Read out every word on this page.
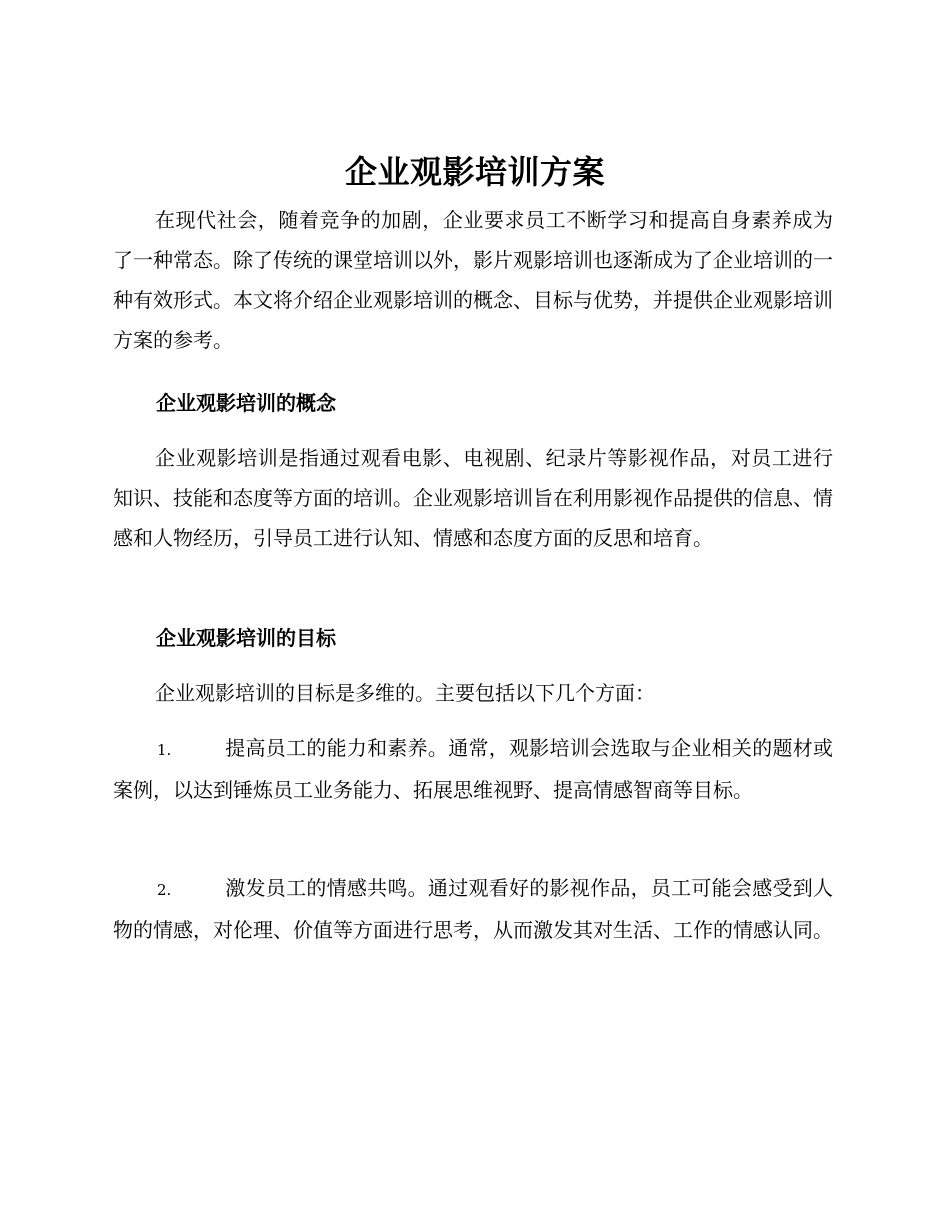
企业观影培训方案

在现代社会，随着竞争的加剧，企业要求员工不断学习和提高自身素养成为了一种常态。除了传统的课堂培训以外，影片观影培训也逐渐成为了企业培训的一种有效形式。本文将介绍企业观影培训的概念、目标与优势，并提供企业观影培训方案的参考。

企业观影培训的概念

企业观影培训是指通过观看电影、电视剧、纪录片等影视作品，对员工进行知识、技能和态度等方面的培训。企业观影培训旨在利用影视作品提供的信息、情感和人物经历，引导员工进行认知、情感和态度方面的反思和培育。

企业观影培训的目标

企业观影培训的目标是多维的。主要包括以下几个方面：

1.	提高员工的能力和素养。通常，观影培训会选取与企业相关的题材或案例，以达到锤炼员工业务能力、拓展思维视野、提高情感智商等目标。
2.	激发员工的情感共鸣。通过观看好的影视作品，员工可能会感受到人物的情感，对伦理、价值等方面进行思考，从而激发其对生活、工作的情感认同。
